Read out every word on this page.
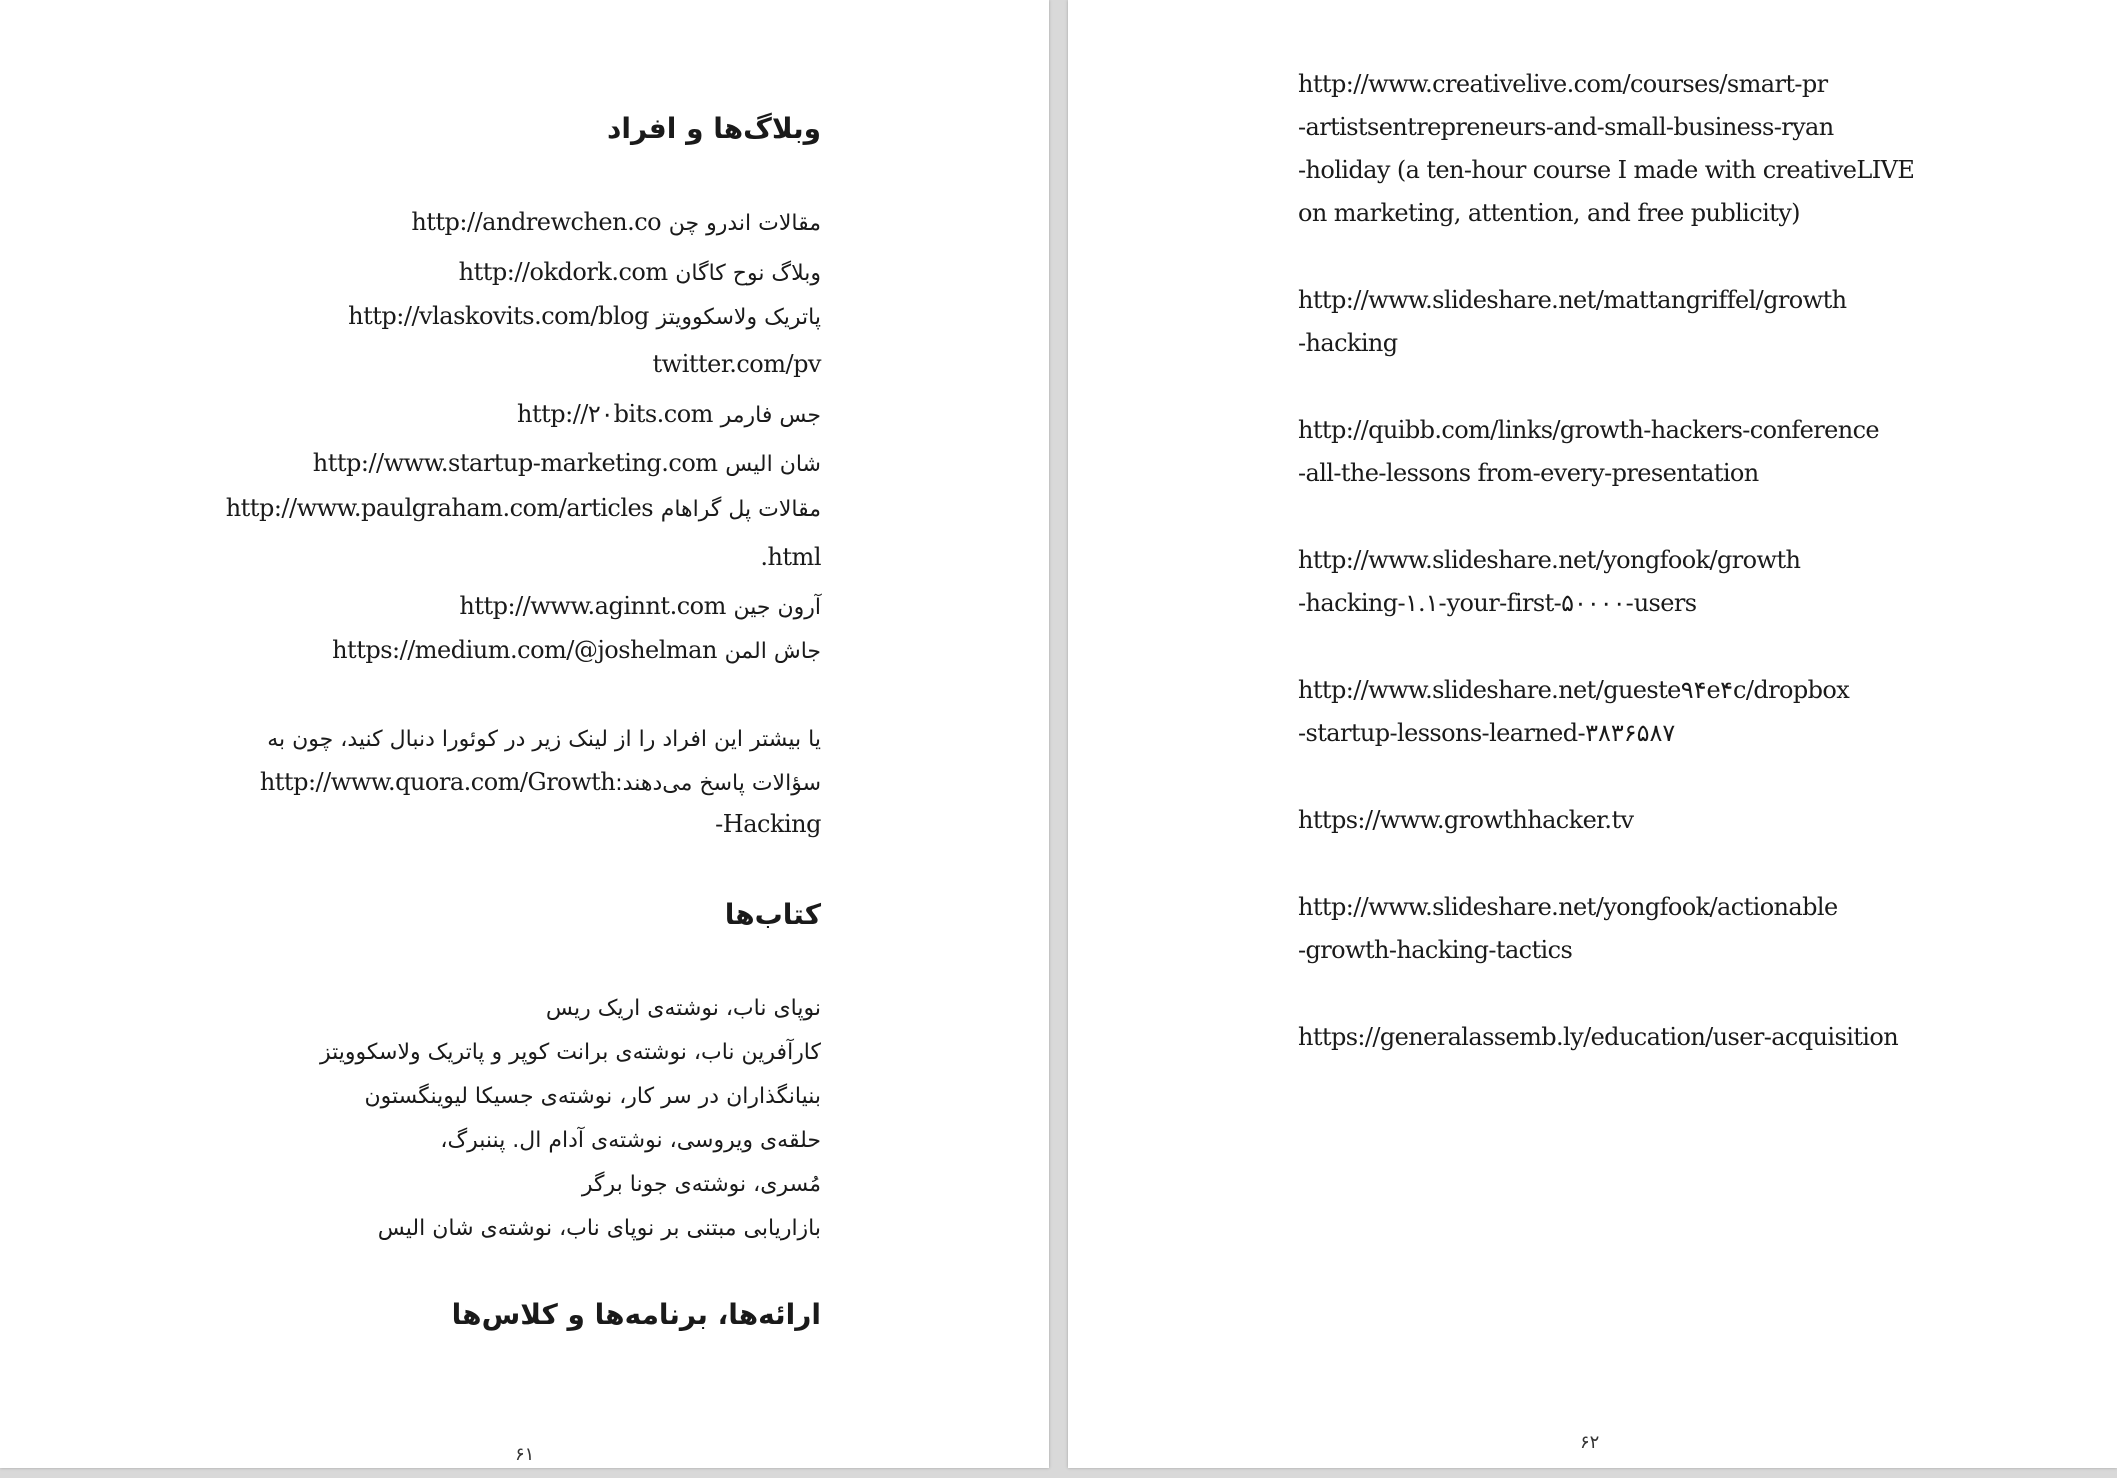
وبلاگ‌ها و افراد
مقالات اندرو چن http://andrewchen.co
وبلاگ نوح کاگان http://okdork.com
پاتریک ولاسکوویتز http://vlaskovits.com/blog
twitter.com/pv
جس فارمر http://۲۰bits.com
شان الیس http://www.startup-marketing.com
مقالات پل گراهام http://www.paulgraham.com/articles
.html
آرون جین http://www.aginnt.com
جاش المن https://medium.com/@joshelman
یا بیشتر این افراد را از لینک زیر در کوئورا دنبال کنید، چون به
سؤالات پاسخ می‌دهند:http://www.quora.com/Growth
-Hacking
کتاب‌ها
نوپای ناب، نوشته‌ی اریک ریس
کارآفرین ناب، نوشته‌ی برانت کوپر و پاتریک ولاسکوویتز
بنیانگذاران در سر کار، نوشته‌ی جسیکا لیوینگستون
حلقه‌ی ویروسی، نوشته‌ی آدام ال. پننبرگ،
مُسری، نوشته‌ی جونا برگر
بازاریابی مبتنی بر نوپای ناب، نوشته‌ی شان الیس
ارائه‌ها، برنامه‌ها و کلاس‌ها
۶۱
http://www.creativelive.com/courses/smart-pr
-artistsentrepreneurs-and-small-business-ryan
-holiday (a ten-hour course I made with creativeLIVE
on marketing, attention, and free publicity)
http://www.slideshare.net/mattangriffel/growth
-hacking
http://quibb.com/links/growth-hackers-conference
-all-the-lessons from-every-presentation
http://www.slideshare.net/yongfook/growth
-hacking-۱.۱-your-first-۵۰۰۰۰-users
http://www.slideshare.net/gueste۹۴e۴c/dropbox
-startup-lessons-learned-۳۸۳۶۵۸۷
https://www.growthhacker.tv
http://www.slideshare.net/yongfook/actionable
-growth-hacking-tactics
https://generalassemb.ly/education/user-acquisition
۶۲
